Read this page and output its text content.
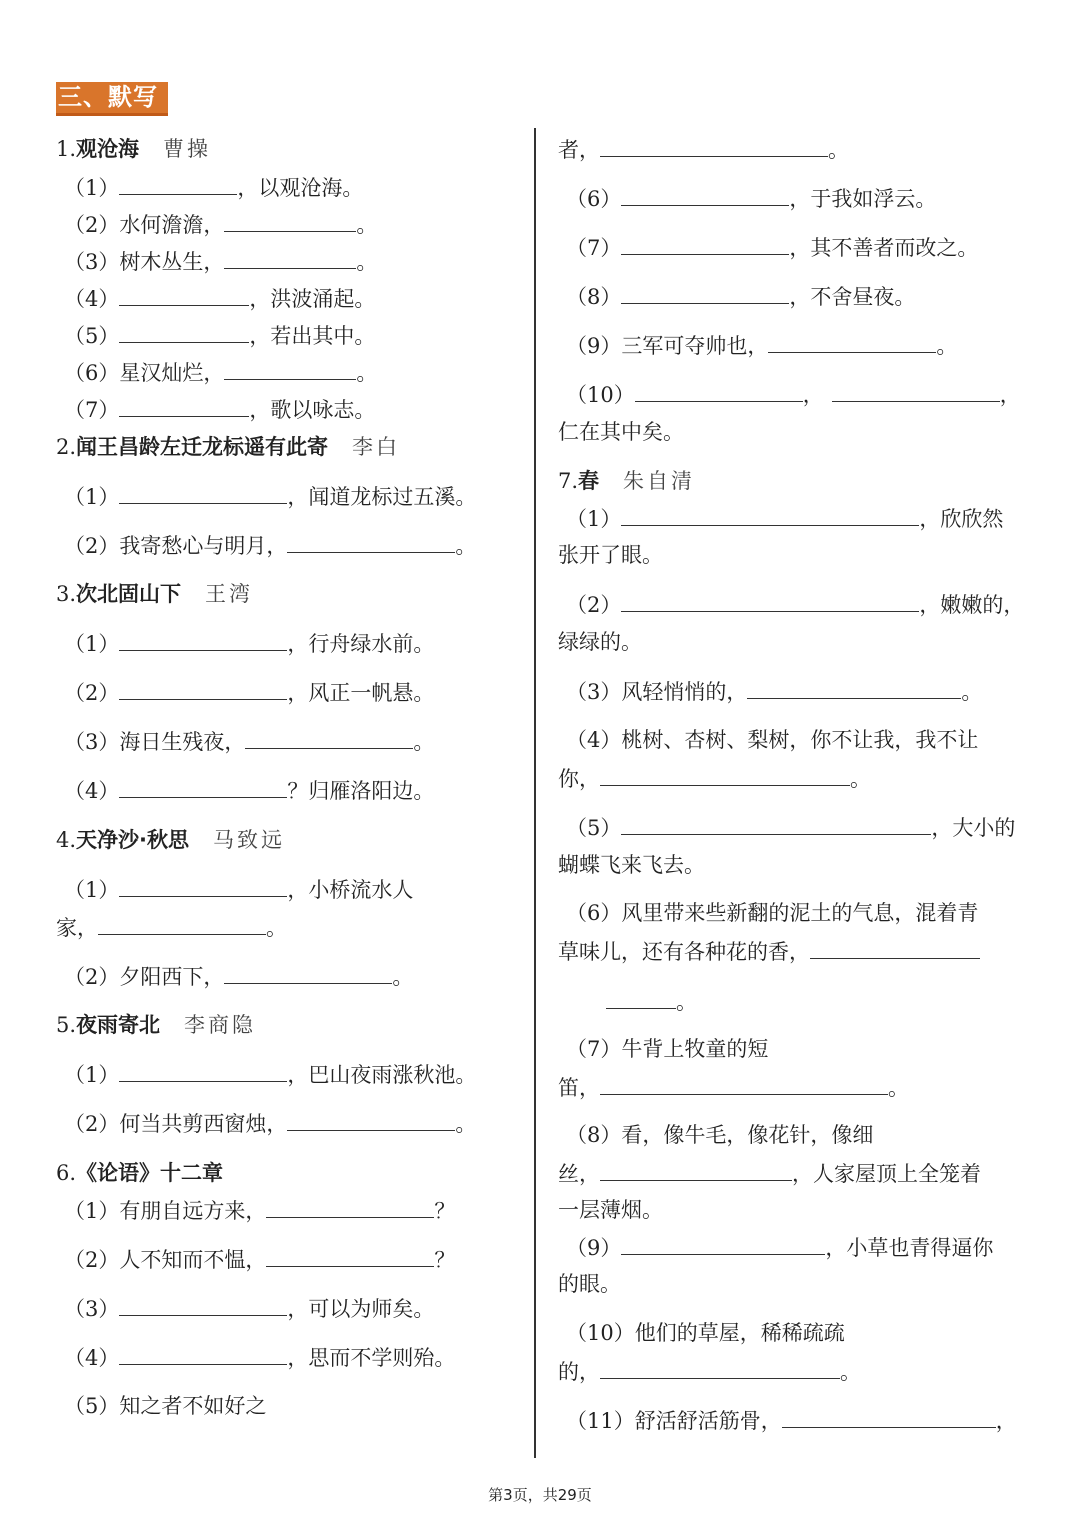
三、默写
1.观沧海 曹操
（1）	，以观沧海。
（2）水何澹澹，	。
（3）树木丛生，	。
（4）	，洪波涌起。
（5）	，若出其中。
（6）星汉灿烂，	。
（7）	，歌以咏志。
2.闻王昌龄左迁龙标遥有此寄 李白
（1）	，闻道龙标过五溪。
（2）我寄愁心与明月，	。
3.次北固山下 王湾
（1）	，行舟绿水前。
（2）	，风正一帆悬。
（3）海日生残夜，	。
（4）	？归雁洛阳边。
4.天净沙·秋思 马致远
（1）	，小桥流水人
家，	。
（2）夕阳西下，	。
5.夜雨寄北 李商隐
（1）	，巴山夜雨涨秋池。
（2）何当共剪西窗烛，	。
6.《论语》十二章
（1）有朋自远方来，	？
（2）人不知而不愠，	？
（3）	，可以为师矣。
（4）	，思而不学则殆。
（5）知之者不如好之
者，	。
（6）	，于我如浮云。
（7）	，其不善者而改之。
（8）	，不舍昼夜。
（9）三军可夺帅也，	。
（10）	，	，
仁在其中矣。
7.春 朱自清
（1）	，欣欣然
张开了眼。
（2）	，嫩嫩的，
绿绿的。
（3）风轻悄悄的，	。
（4）桃树、杏树、梨树，你不让我，我不让
你，	。
（5）	，大小的
蝴蝶飞来飞去。
（6）风里带来些新翻的泥土的气息，混着青
草味儿，还有各种花的香，
。
（7）牛背上牧童的短
笛，	。
（8）看，像牛毛，像花针，像细
丝，	，人家屋顶上全笼着
一层薄烟。
（9）	，小草也青得逼你
的眼。
（10）他们的草屋，稀稀疏疏
的，	。
（11）舒活舒活筋骨，	，
第3页，共29页
